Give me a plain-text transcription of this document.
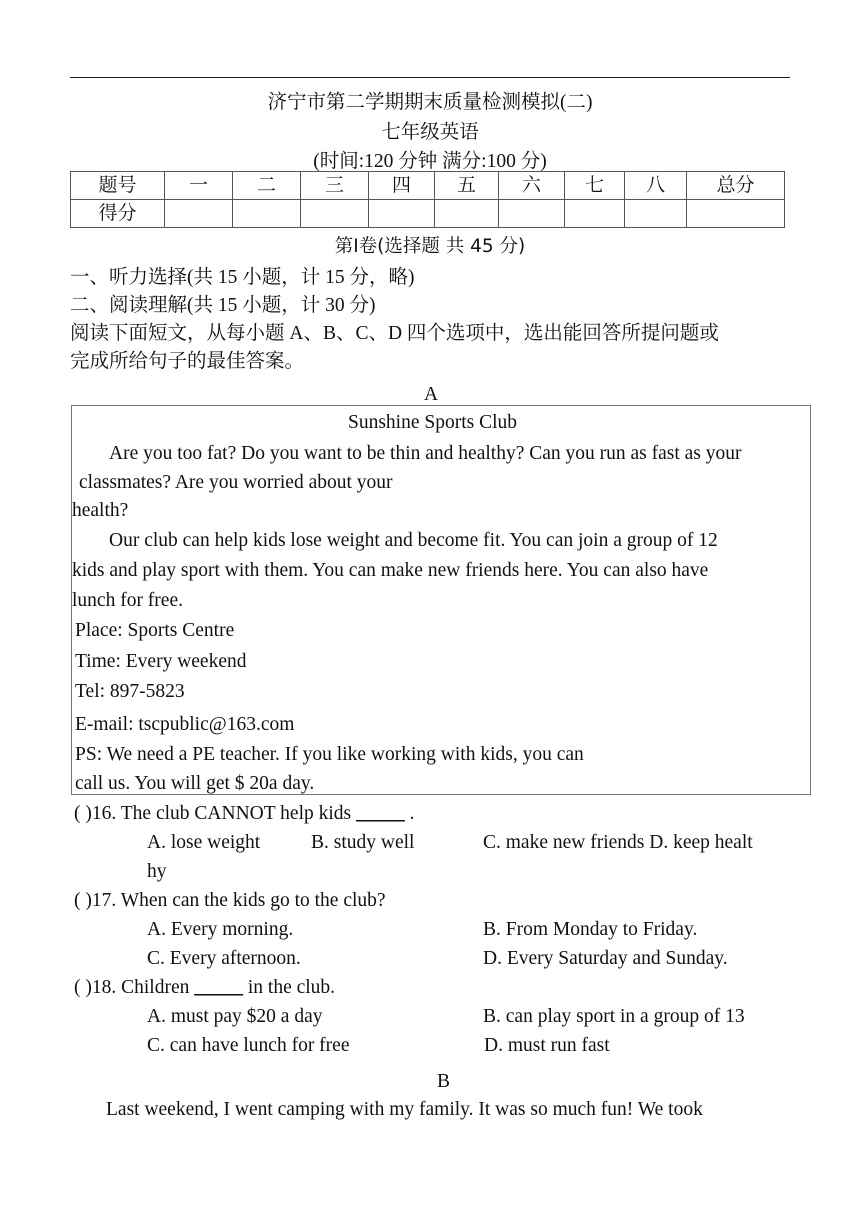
济宁市第二学期期末质量检测模拟(二)
七年级英语
(时间:120 分钟 满分:100 分)
题号	一	二	三	四	五	六	七	八	总分
得分									
第Ⅰ卷(选择题 共 45 分)
一、听力选择(共 15 小题，计 15 分，略)
二、阅读理解(共 15 小题，计 30 分)
阅读下面短文，从每小题 A、B、C、D 四个选项中，选出能回答所提问题或
完成所给句子的最佳答案。
A
Sunshine Sports Club
Are you too fat? Do you want to be thin and healthy? Can you run as fast as your
classmates? Are you worried about your
health?
Our club can help kids lose weight and become fit. You can join a group of 12
kids and play sport with them. You can make new friends here. You can also have
lunch for free.
Place: Sports Centre
Time: Every weekend
Tel: 897-5823
E-mail: tscpublic@163.com
PS: We need a PE teacher. If you like working with kids, you can
call us. You will get $ 20a day.
( )16. The club CANNOT help kids _____ .
A. lose weight	B. study well	C. make new friends D. keep healt
hy
( )17. When can the kids go to the club?
A. Every morning.	B. From Monday to Friday.
C. Every afternoon.	D. Every Saturday and Sunday.
( )18. Children _____ in the club.
A. must pay $20 a day	B. can play sport in a group of 13
C. can have lunch for free	D. must run fast
B
Last weekend, I went camping with my family. It was so much fun! We took
